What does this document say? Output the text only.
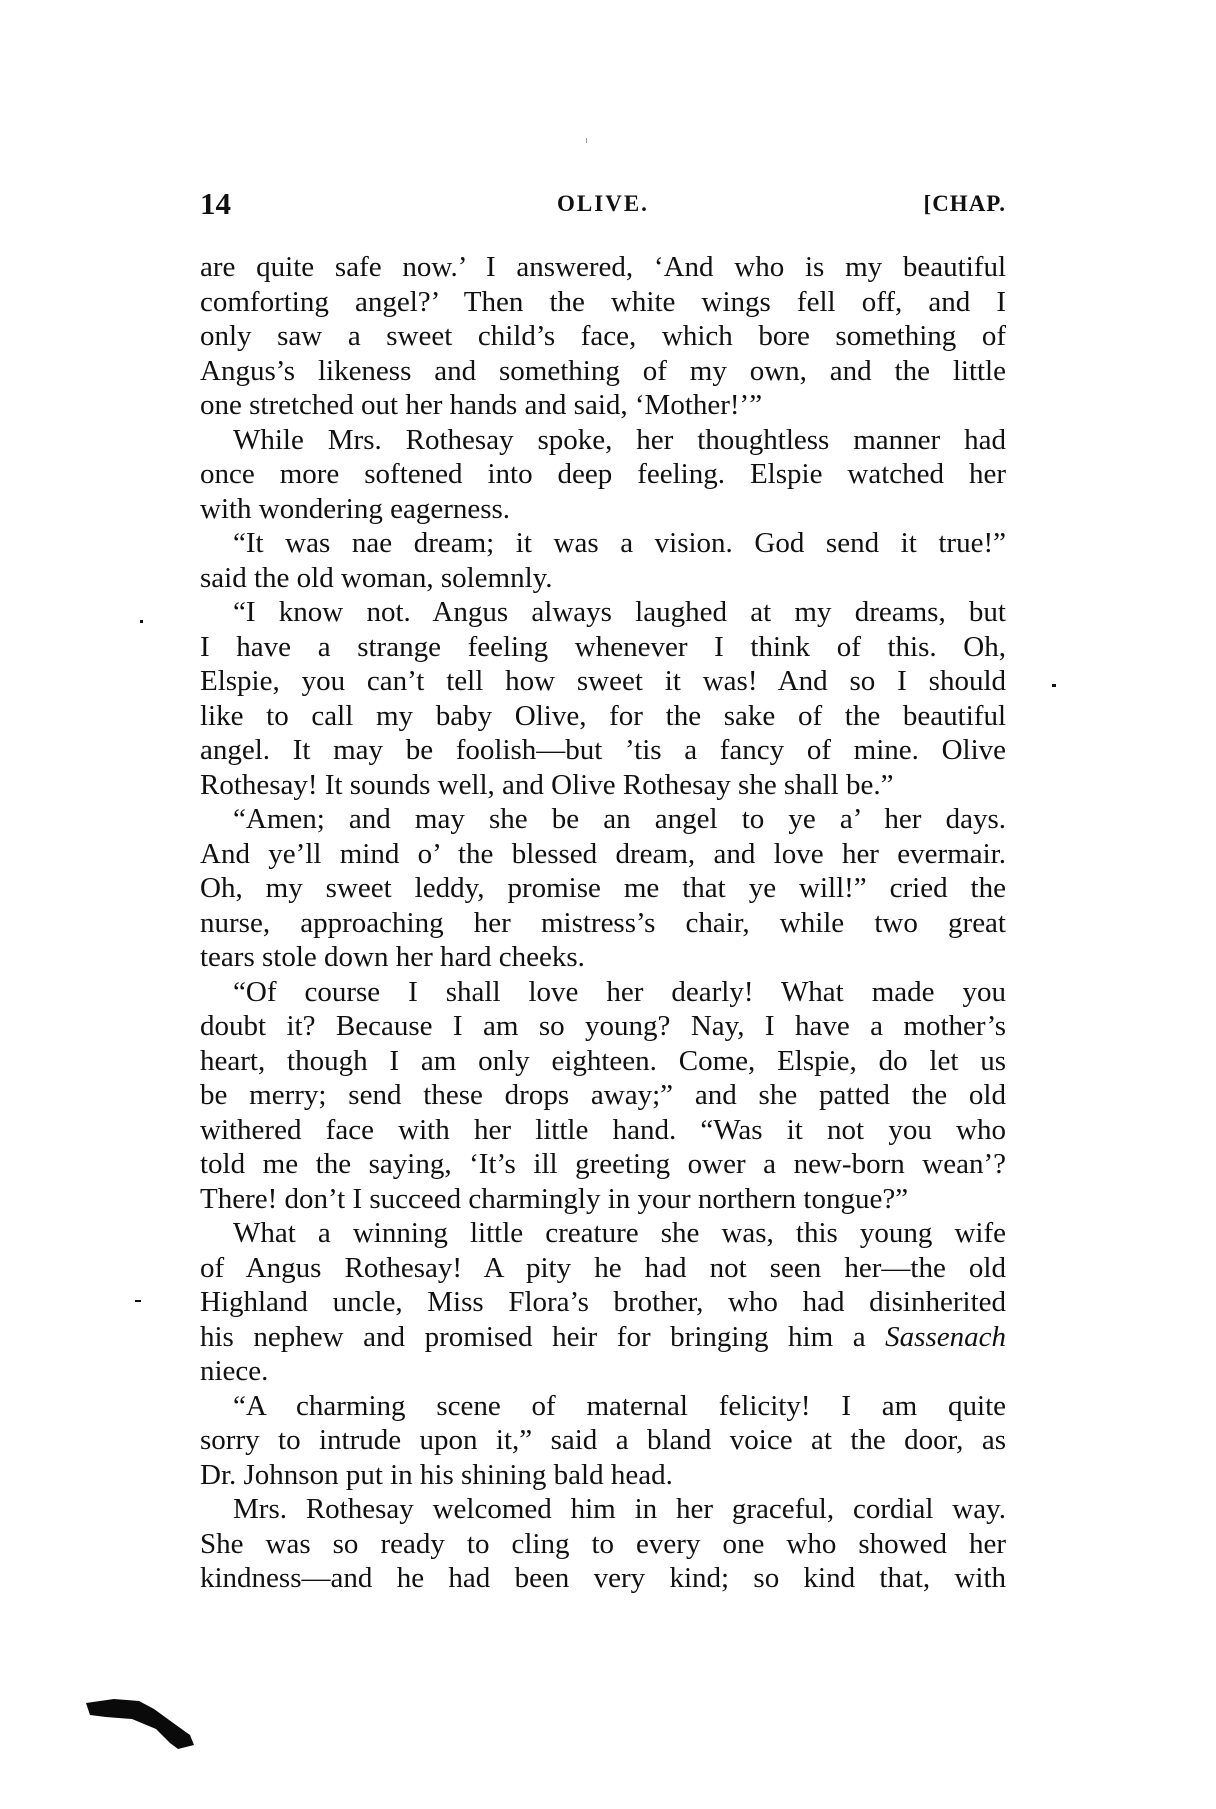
14	OLIVE.	[CHAP.
are quite safe now.’ I answered, ‘And who is my beautiful
comforting angel?’ Then the white wings fell off, and I
only saw a sweet child’s face, which bore something of
Angus’s likeness and something of my own, and the little
one stretched out her hands and said, ‘Mother!’”
While Mrs. Rothesay spoke, her thoughtless manner had
once more softened into deep feeling. Elspie watched her
with wondering eagerness.
“It was nae dream; it was a vision. God send it true!”
said the old woman, solemnly.
“I know not. Angus always laughed at my dreams, but
I have a strange feeling whenever I think of this. Oh,
Elspie, you can’t tell how sweet it was! And so I should
like to call my baby Olive, for the sake of the beautiful
angel. It may be foolish—but ’tis a fancy of mine. Olive
Rothesay! It sounds well, and Olive Rothesay she shall be.”
“Amen; and may she be an angel to ye a’ her days.
And ye’ll mind o’ the blessed dream, and love her evermair.
Oh, my sweet leddy, promise me that ye will!” cried the
nurse, approaching her mistress’s chair, while two great
tears stole down her hard cheeks.
“Of course I shall love her dearly! What made you
doubt it? Because I am so young? Nay, I have a mother’s
heart, though I am only eighteen. Come, Elspie, do let us
be merry; send these drops away;” and she patted the old
withered face with her little hand. “Was it not you who
told me the saying, ‘It’s ill greeting ower a new-born wean’?
There! don’t I succeed charmingly in your northern tongue?”
What a winning little creature she was, this young wife
of Angus Rothesay! A pity he had not seen her—the old
Highland uncle, Miss Flora’s brother, who had disinherited
his nephew and promised heir for bringing him a Sassenach
niece.
“A charming scene of maternal felicity! I am quite
sorry to intrude upon it,” said a bland voice at the door, as
Dr. Johnson put in his shining bald head.
Mrs. Rothesay welcomed him in her graceful, cordial way.
She was so ready to cling to every one who showed her
kindness—and he had been very kind; so kind that, with
